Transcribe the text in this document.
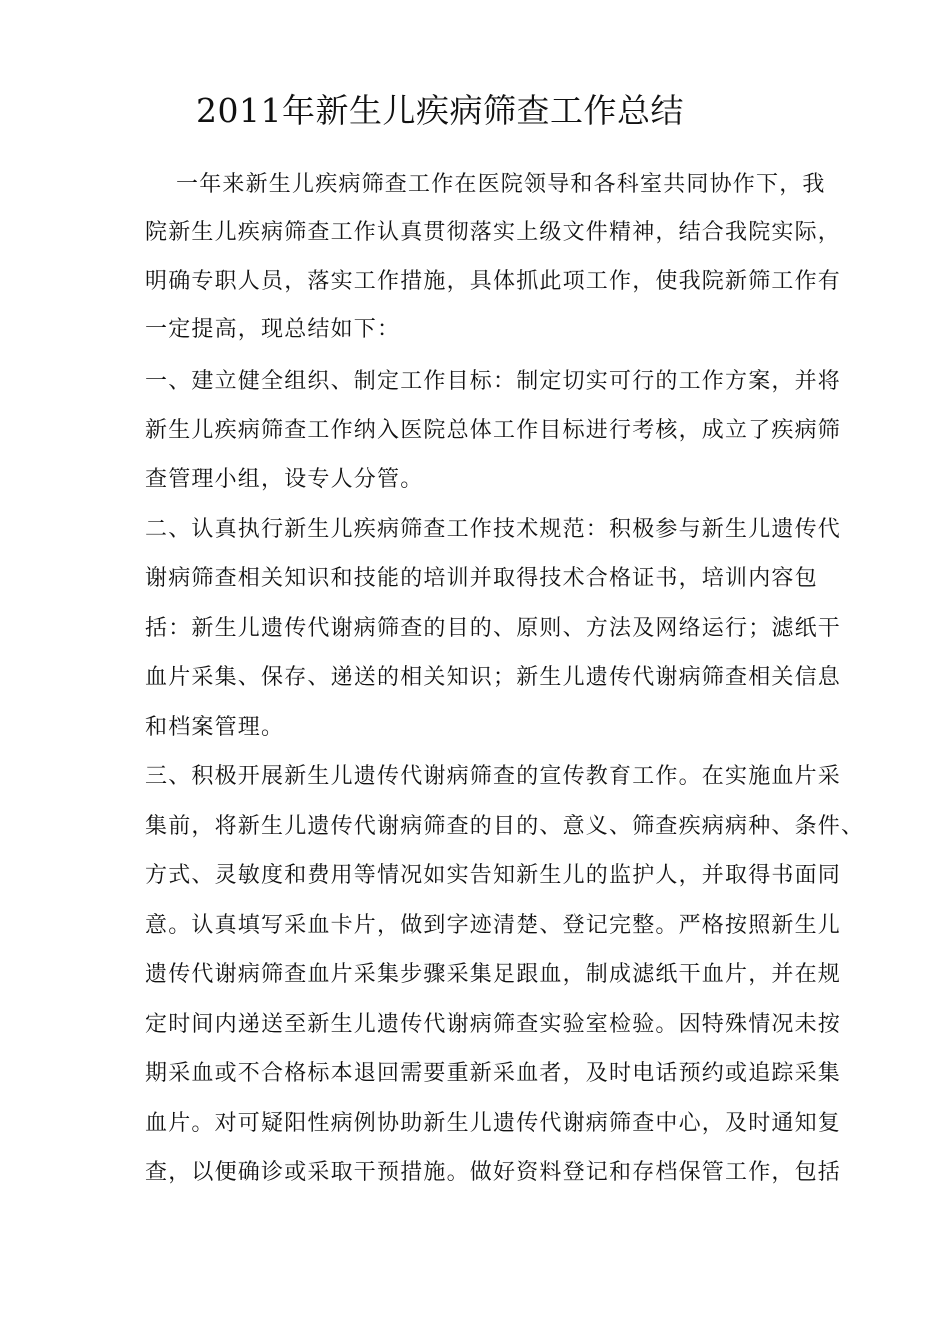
2011年新生儿疾病筛查工作总结
一年来新生儿疾病筛查工作在医院领导和各科室共同协作下，我
院新生儿疾病筛查工作认真贯彻落实上级文件精神，结合我院实际，
明确专职人员，落实工作措施，具体抓此项工作，使我院新筛工作有
一定提高，现总结如下：
一、建立健全组织、制定工作目标：制定切实可行的工作方案，并将
新生儿疾病筛查工作纳入医院总体工作目标进行考核，成立了疾病筛
查管理小组，设专人分管。
二、认真执行新生儿疾病筛查工作技术规范：积极参与新生儿遗传代
谢病筛查相关知识和技能的培训并取得技术合格证书，培训内容包
括：新生儿遗传代谢病筛查的目的、原则、方法及网络运行；滤纸干
血片采集、保存、递送的相关知识；新生儿遗传代谢病筛查相关信息
和档案管理。
三、积极开展新生儿遗传代谢病筛查的宣传教育工作。在实施血片采
集前，将新生儿遗传代谢病筛查的目的、意义、筛查疾病病种、条件、
方式、灵敏度和费用等情况如实告知新生儿的监护人，并取得书面同
意。认真填写采血卡片，做到字迹清楚、登记完整。严格按照新生儿
遗传代谢病筛查血片采集步骤采集足跟血，制成滤纸干血片，并在规
定时间内递送至新生儿遗传代谢病筛查实验室检验。因特殊情况未按
期采血或不合格标本退回需要重新采血者，及时电话预约或追踪采集
血片。对可疑阳性病例协助新生儿遗传代谢病筛查中心，及时通知复
查，以便确诊或采取干预措施。做好资料登记和存档保管工作，包括
